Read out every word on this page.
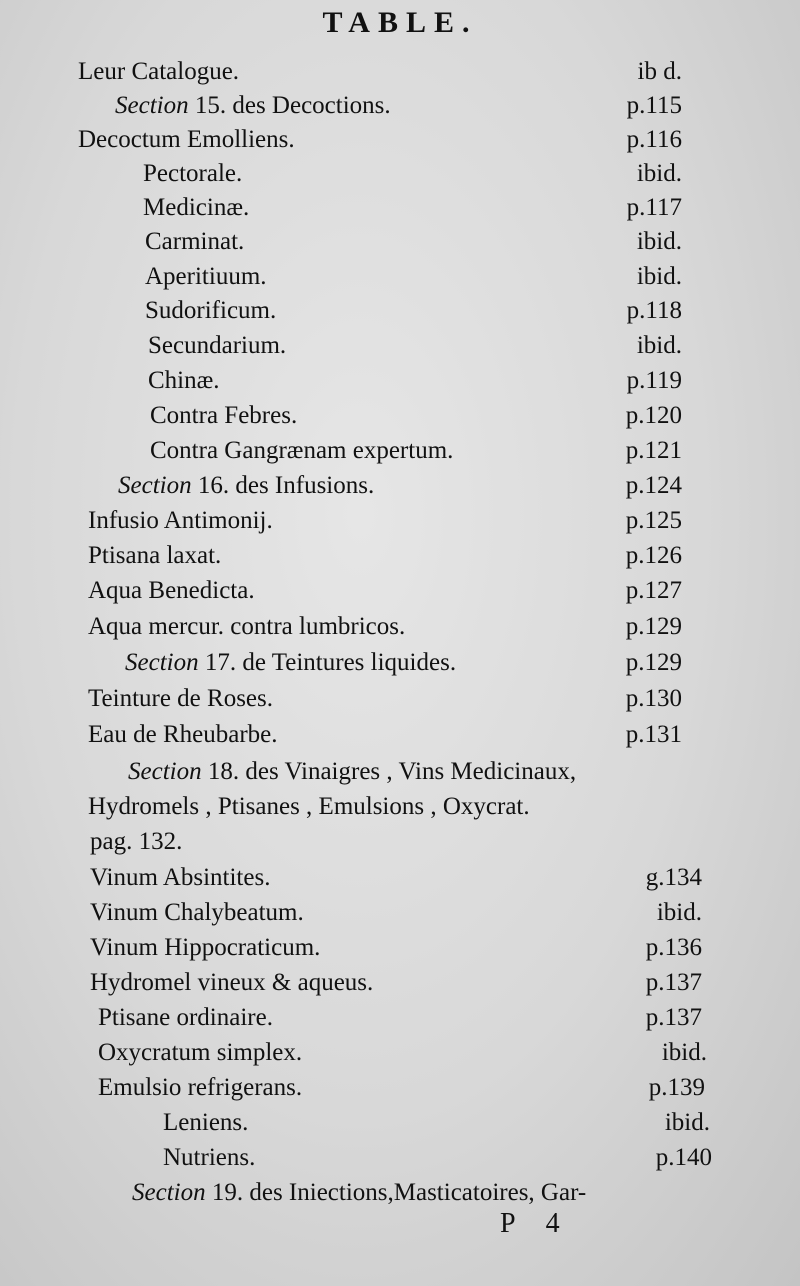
TABLE.
Leur Catalogue.	ib d.
Section 15. des Decoctions.	p.115
Decoctum Emolliens.	p.116
Pectorale.	ibid.
Medicinæ.	p.117
Carminat.	ibid.
Aperitiuum.	ibid.
Sudorificum.	p.118
Secundarium.	ibid.
Chinæ.	p.119
Contra Febres.	p.120
Contra Gangrænam expertum.	p.121
Section 16. des Infusions.	p.124
Infusio Antimonij.	p.125
Ptisana laxat.	p.126
Aqua Benedicta.	p.127
Aqua mercur. contra lumbricos.	p.129
Section 17. de Teintures liquides.	p.129
Teinture de Roses.	p.130
Eau de Rheubarbe.	p.131
Section 18. des Vinaigres , Vins Medicinaux,
Hydromels , Ptisanes , Emulsions , Oxycrat.
pag. 132.
Vinum Absintites.	g.134
Vinum Chalybeatum.	ibid.
Vinum Hippocraticum.	p.136
Hydromel vineux & aqueus.	p.137
Ptisane ordinaire.	p.137
Oxycratum simplex.	ibid.
Emulsio refrigerans.	p.139
Leniens.	ibid.
Nutriens.	p.140
Section 19. des Iniections,Masticatoires, Gar-
P 4
